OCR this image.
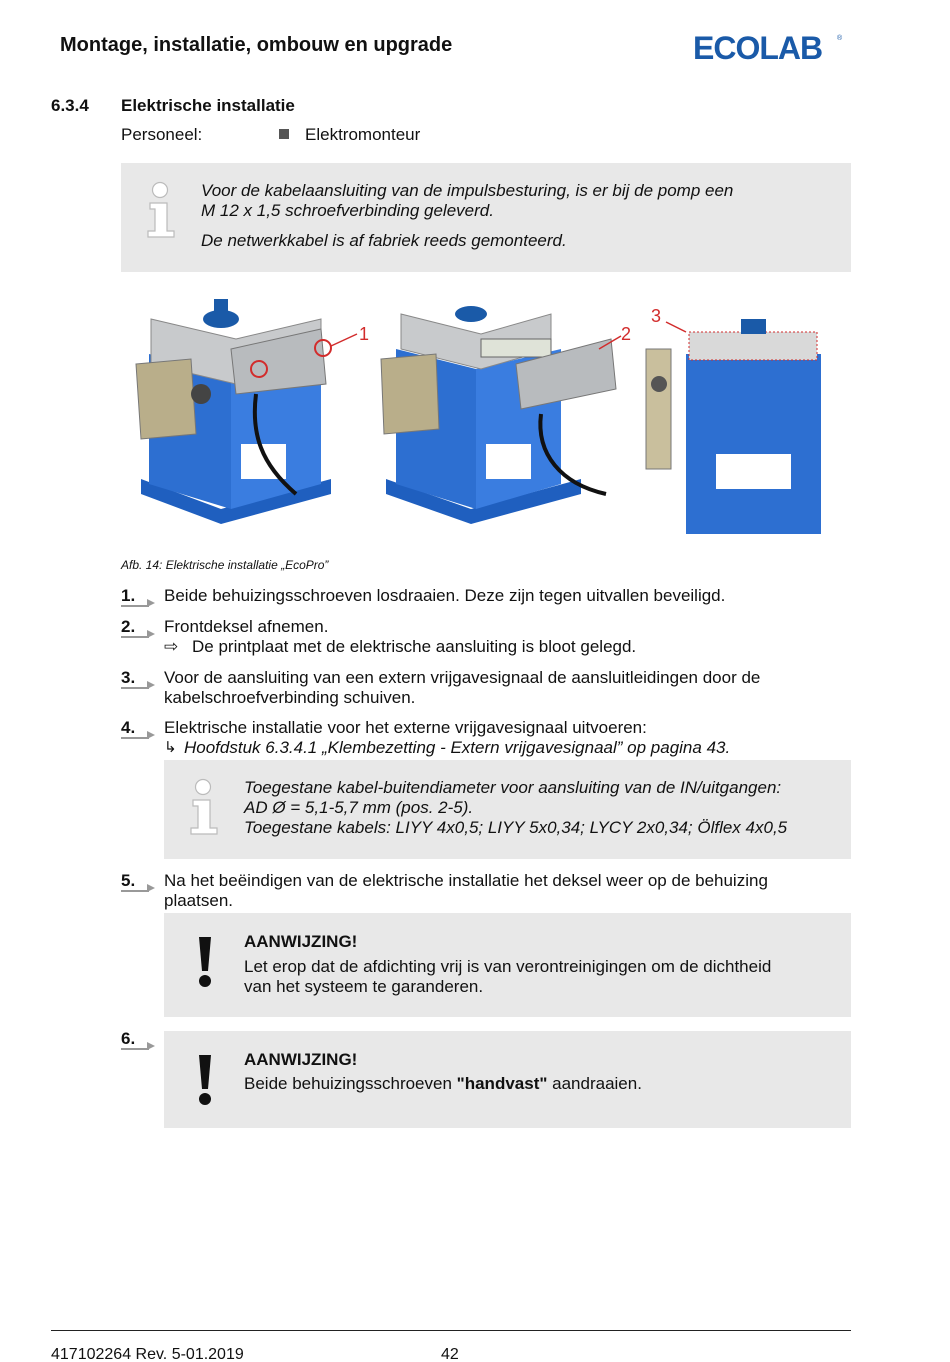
Montage, installatie, ombouw en upgrade	ECOLAB ®
6.3.4 Elektrische installatie
Personeel:	Elektromonteur
Voor de kabelaansluiting van de impulsbesturing, is er bij de pomp een
M 12 x 1,5 schroefverbinding geleverd.
De netwerkkabel is af fabriek reeds gemonteerd.
1	2
3
Afb. 14: Elektrische installatie „EcoPro”
1. Beide behuizingsschroeven losdraaien. Deze zijn tegen uitvallen beveiligd.
2. Frontdeksel afnemen.
⇨ De printplaat met de elektrische aansluiting is bloot gelegd.
3. Voor de aansluiting van een extern vrijgavesignaal de aansluitleidingen door de
kabelschroefverbinding schuiven.
4. Elektrische installatie voor het externe vrijgavesignaal uitvoeren:
↳ Hoofdstuk 6.3.4.1 „Klembezetting - Extern vrijgavesignaal” op pagina 43.
Toegestane kabel-buitendiameter voor aansluiting van de IN/uitgangen:
AD Ø = 5,1-5,7 mm (pos. 2-5).
Toegestane kabels: LIYY 4x0,5; LIYY 5x0,34; LYCY 2x0,34; Ölflex 4x0,5
5. Na het beëindigen van de elektrische installatie het deksel weer op de behuizing
plaatsen.
AANWIJZING!
Let erop dat de afdichting vrij is van verontreinigingen om de dichtheid
van het systeem te garanderen.
6.
AANWIJZING!
Beide behuizingsschroeven "handvast" aandraaien.
417102264 Rev. 5-01.2019	42
